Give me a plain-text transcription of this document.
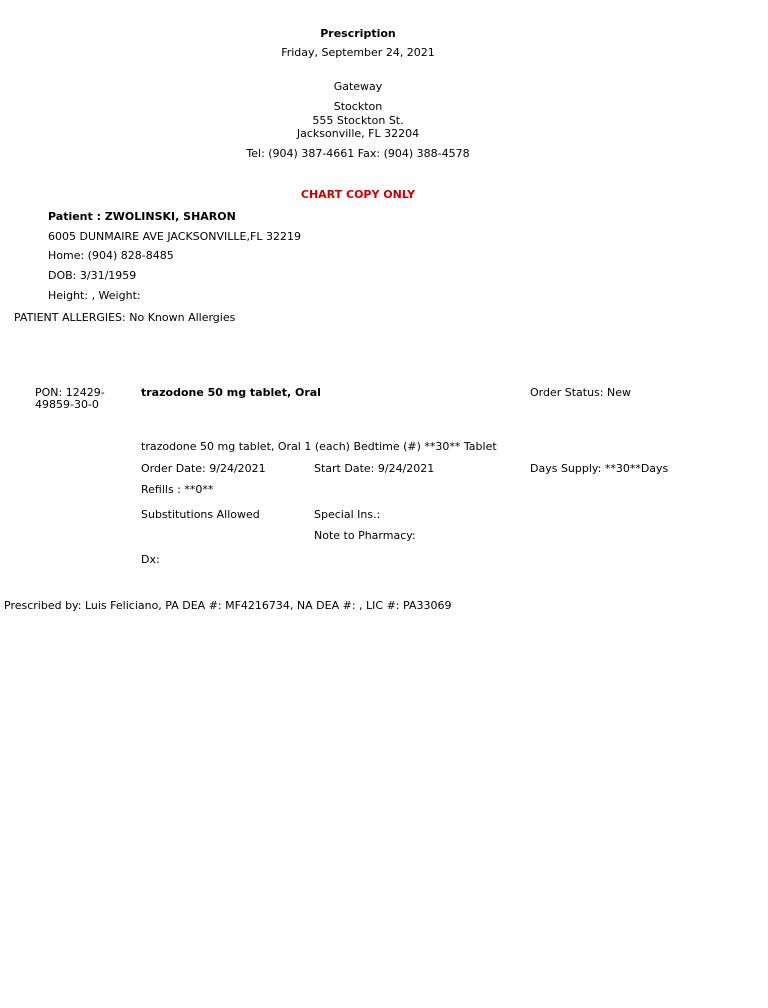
Prescription
Friday, September 24, 2021
Gateway
Stockton
555 Stockton St.
Jacksonville, FL 32204
Tel: (904) 387-4661 Fax: (904) 388-4578
CHART COPY ONLY
Patient : ZWOLINSKI, SHARON
6005 DUNMAIRE AVE JACKSONVILLE,FL 32219
Home: (904) 828-8485
DOB: 3/31/1959
Height: , Weight:
PATIENT ALLERGIES: No Known Allergies
PON: 12429-49859-30-0
trazodone 50 mg tablet, Oral	Order Status: New
trazodone 50 mg tablet, Oral 1 (each) Bedtime (#) **30** Tablet
Order Date: 9/24/2021	Start Date: 9/24/2021	Days Supply: **30**Days
Refills : **0**
Substitutions Allowed	Special Ins.:
Note to Pharmacy:
Dx:
Prescribed by: Luis Feliciano, PA DEA #: MF4216734, NA DEA #: , LIC #: PA33069
